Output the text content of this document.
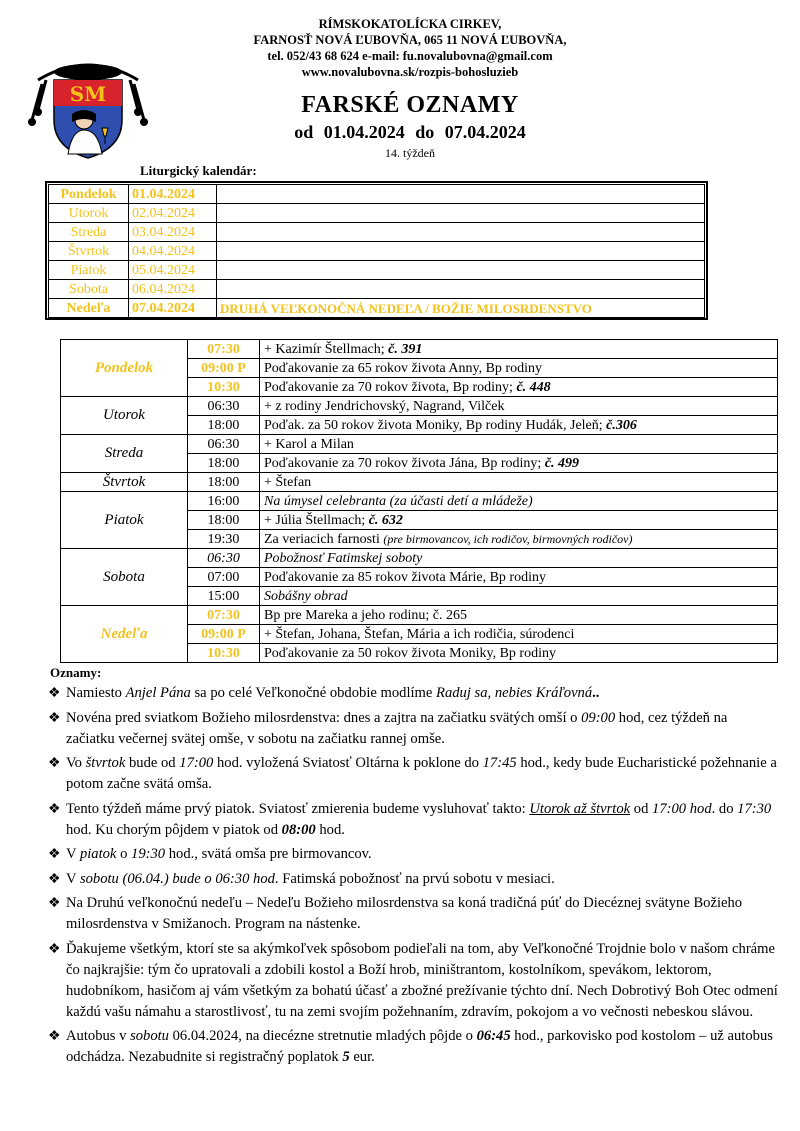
SM
RÍMSKOKATOLÍCKA CIRKEV,
FARNOSŤ NOVÁ ĽUBOVŇA, 065 11 NOVÁ ĽUBOVŇA,
tel. 052/43 68 624 e-mail: fu.novalubovna@gmail.com
www.novalubovna.sk/rozpis-bohosluzieb
FARSKÉ OZNAMY
od 01.04.2024 do 07.04.2024
14. týždeň
Liturgický kalendár:
Pondelok	01.04.2024	
Utorok	02.04.2024	
Streda	03.04.2024	
Štvrtok	04.04.2024	
Piatok	05.04.2024	
Sobota	06.04.2024	
Nedeľa	07.04.2024	DRUHÁ VEĽKONOČNÁ NEDEĽA / BOŽIE MILOSRDENSTVO
Pondelok	07:30	+ Kazimír Štellmach; č. 391
	09:00 P	Poďakovanie za 65 rokov života Anny, Bp rodiny
	10:30	Poďakovanie za 70 rokov života, Bp rodiny; č. 448
Utorok	06:30	+ z rodiny Jendrichovský, Nagrand, Vilček
	18:00	Poďak. za 50 rokov života Moniky, Bp rodiny Hudák, Jeleň; č.306
Streda	06:30	+ Karol a Milan
	18:00	Poďakovanie za 70 rokov života Jána, Bp rodiny; č. 499
Štvrtok	18:00	+ Štefan
Piatok	16:00	Na úmysel celebranta (za účasti detí a mládeže)
	18:00	+ Júlia Štellmach; č. 632
	19:30	Za veriacich farnosti (pre birmovancov, ich rodičov, birmovných rodičov)
Sobota	06:30	Pobožnosť Fatimskej soboty
	07:00	Poďakovanie za 85 rokov života Márie, Bp rodiny
	15:00	Sobášny obrad
Nedeľa	07:30	Bp pre Mareka a jeho rodinu; č. 265
	09:00 P	+ Štefan, Johana, Štefan, Mária a ich rodičia, súrodenci
	10:30	Poďakovanie za 50 rokov života Moniky, Bp rodiny
Oznamy:
❖ Namiesto Anjel Pána sa po celé Veľkonočné obdobie modlíme Raduj sa, nebies Kráľovná..
❖ Novéna pred sviatkom Božieho milosrdenstva: dnes a zajtra na začiatku svätých omší o 09:00 hod, cez týždeň na začiatku večernej svätej omše, v sobotu na začiatku rannej omše.
❖ Vo štvrtok bude od 17:00 hod. vyložená Sviatosť Oltárna k poklone do 17:45 hod., kedy bude Eucharistické požehnanie a potom začne svätá omša.
❖ Tento týždeň máme prvý piatok. Sviatosť zmierenia budeme vysluhovať takto: Utorok až štvrtok od 17:00 hod. do 17:30 hod. Ku chorým pôjdem v piatok od 08:00 hod.
❖ V piatok o 19:30 hod., svätá omša pre birmovancov.
❖ V sobotu (06.04.) bude o 06:30 hod. Fatimská pobožnosť na prvú sobotu v mesiaci.
❖ Na Druhú veľkonočnú nedeľu – Nedeľu Božieho milosrdenstva sa koná tradičná púť do Diecéznej svätyne Božieho milosrdenstva v Smižanoch. Program na nástenke.
❖ Ďakujeme všetkým, ktorí ste sa akýmkoľvek spôsobom podieľali na tom, aby Veľkonočné Trojdnie bolo v našom chráme čo najkrajšie: tým čo upratovali a zdobili kostol a Boží hrob, miništrantom, kostolníkom, spevákom, lektorom, hudobníkom, hasičom aj vám všetkým za bohatú účasť a zbožné prežívanie týchto dní. Nech Dobrotivý Boh Otec odmení každú vašu námahu a starostlivosť, tu na zemi svojím požehnaním, zdravím, pokojom a vo večnosti nebeskou slávou.
❖ Autobus v sobotu 06.04.2024, na diecézne stretnutie mladých pôjde o 06:45 hod., parkovisko pod kostolom – už autobus odchádza. Nezabudnite si registračný poplatok 5 eur.
